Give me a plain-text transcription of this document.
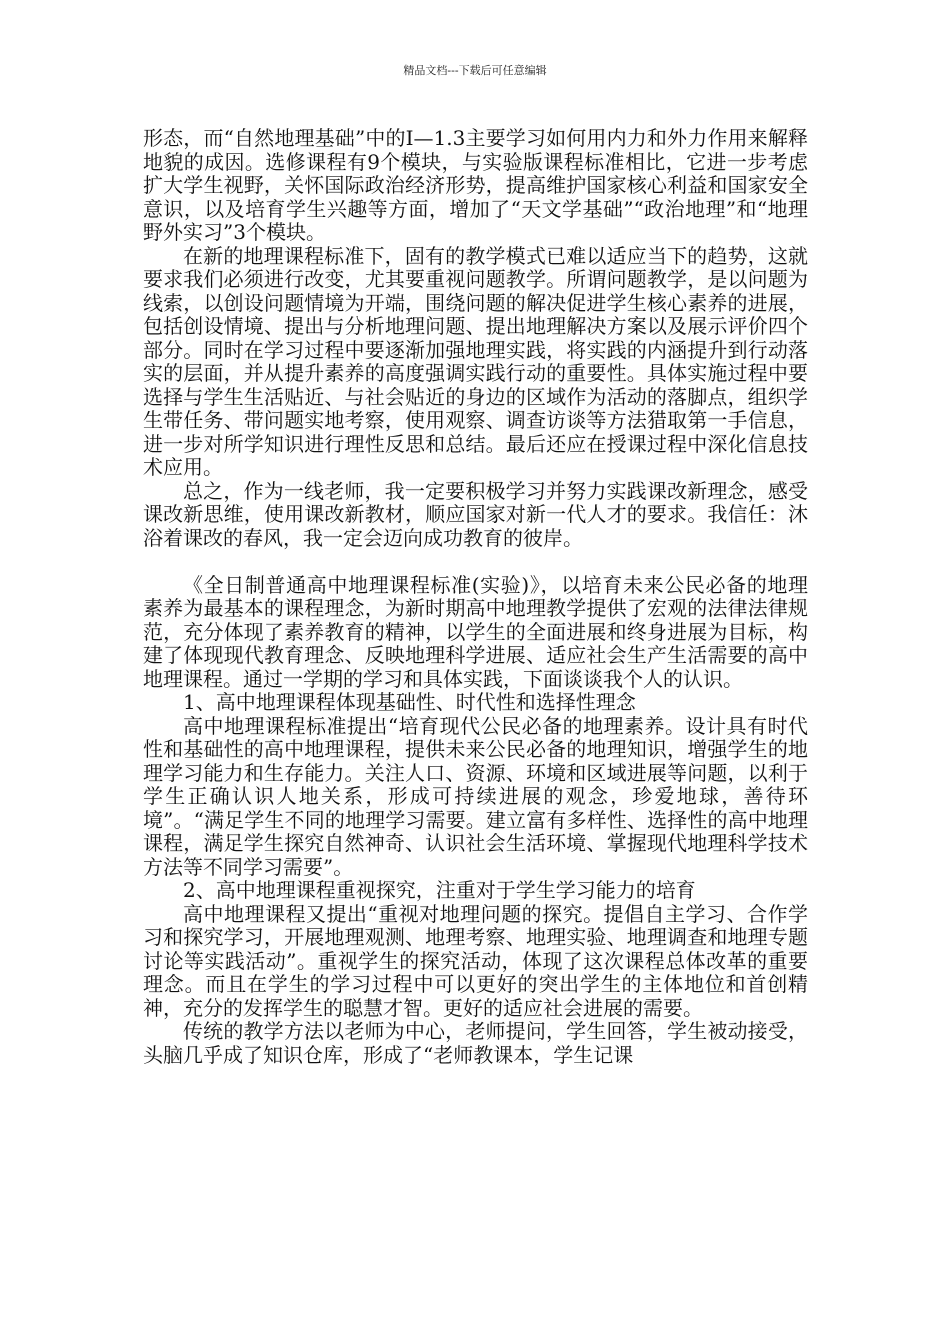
精品文档---下载后可任意编辑

形态，而“自然地理基础”中的I—1.3主要学习如何用内力和外力作用来解释地貌的成因。选修课程有9个模块，与实验版课程标准相比，它进一步考虑扩大学生视野，关怀国际政治经济形势，提高维护国家核心利益和国家安全意识，以及培育学生兴趣等方面，增加了“天文学基础”“政治地理”和“地理野外实习”3个模块。

在新的地理课程标准下，固有的教学模式已难以适应当下的趋势，这就要求我们必须进行改变，尤其要重视问题教学。所谓问题教学，是以问题为线索，以创设问题情境为开端，围绕问题的解决促进学生核心素养的进展，包括创设情境、提出与分析地理问题、提出地理解决方案以及展示评价四个部分。同时在学习过程中要逐渐加强地理实践，将实践的内涵提升到行动落实的层面，并从提升素养的高度强调实践行动的重要性。具体实施过程中要选择与学生生活贴近、与社会贴近的身边的区域作为活动的落脚点，组织学生带任务、带问题实地考察，使用观察、调查访谈等方法猎取第一手信息，进一步对所学知识进行理性反思和总结。最后还应在授课过程中深化信息技术应用。

总之，作为一线老师，我一定要积极学习并努力实践课改新理念，感受课改新思维，使用课改新教材，顺应国家对新一代人才的要求。我信任：沐浴着课改的春风，我一定会迈向成功教育的彼岸。

《全日制普通高中地理课程标准(实验)》，以培育未来公民必备的地理素养为最基本的课程理念，为新时期高中地理教学提供了宏观的法律法律规范，充分体现了素养教育的精神，以学生的全面进展和终身进展为目标，构建了体现现代教育理念、反映地理科学进展、适应社会生产生活需要的高中地理课程。通过一学期的学习和具体实践，下面谈谈我个人的认识。

1、高中地理课程体现基础性、时代性和选择性理念

高中地理课程标准提出“培育现代公民必备的地理素养。设计具有时代性和基础性的高中地理课程，提供未来公民必备的地理知识，增强学生的地理学习能力和生存能力。关注人口、资源、环境和区域进展等问题，以利于学生正确认识人地关系，形成可持续进展的观念，珍爱地球，善待环境”。“满足学生不同的地理学习需要。建立富有多样性、选择性的高中地理课程，满足学生探究自然神奇、认识社会生活环境、掌握现代地理科学技术方法等不同学习需要”。

2、高中地理课程重视探究，注重对于学生学习能力的培育

高中地理课程又提出“重视对地理问题的探究。提倡自主学习、合作学习和探究学习，开展地理观测、地理考察、地理实验、地理调查和地理专题讨论等实践活动”。重视学生的探究活动，体现了这次课程总体改革的重要理念。而且在学生的学习过程中可以更好的突出学生的主体地位和首创精神，充分的发挥学生的聪慧才智。更好的适应社会进展的需要。

传统的教学方法以老师为中心，老师提问，学生回答，学生被动接受，头脑几乎成了知识仓库，形成了“老师教课本，学生记课
